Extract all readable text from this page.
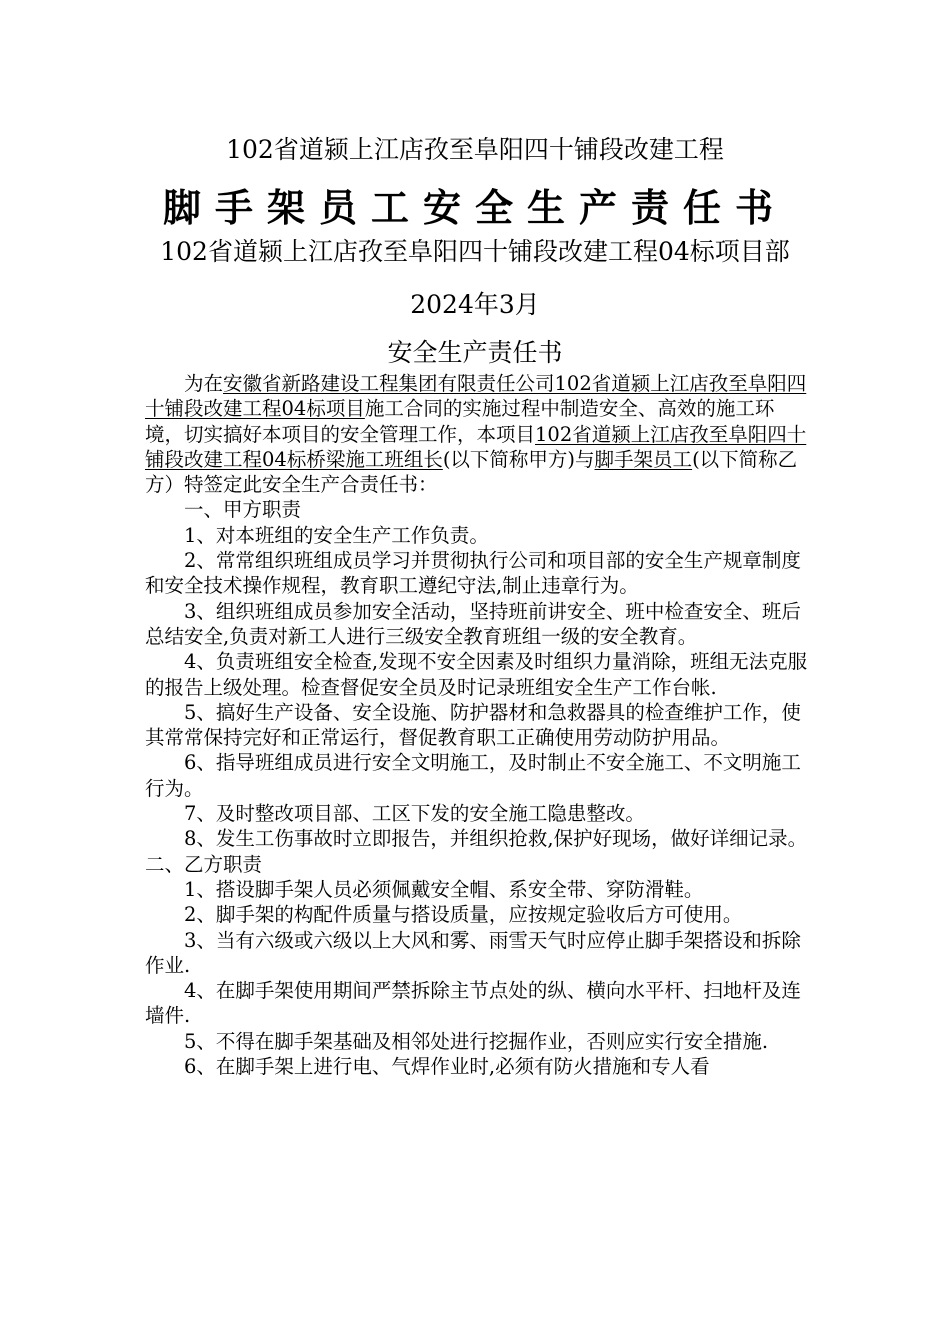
102省道颍上江店孜至阜阳四十铺段改建工程

脚手架员工安全生产责任书

102省道颍上江店孜至阜阳四十铺段改建工程04标项目部

2024年3月

安全生产责任书

为在安徽省新路建设工程集团有限责任公司102省道颍上江店孜至阜阳四十铺段改建工程04标项目施工合同的实施过程中制造安全、高效的施工环境，切实搞好本项目的安全管理工作，本项目102省道颍上江店孜至阜阳四十铺段改建工程04标桥梁施工班组长(以下简称甲方)与脚手架员工(以下简称乙方）特签定此安全生产合责任书：

一、甲方职责

1、对本班组的安全生产工作负责。

2、常常组织班组成员学习并贯彻执行公司和项目部的安全生产规章制度和安全技术操作规程，教育职工遵纪守法,制止违章行为。

3、组织班组成员参加安全活动，坚持班前讲安全、班中检查安全、班后总结安全,负责对新工人进行三级安全教育班组一级的安全教育。

4、负责班组安全检查,发现不安全因素及时组织力量消除，班组无法克服的报告上级处理。检查督促安全员及时记录班组安全生产工作台帐.

5、搞好生产设备、安全设施、防护器材和急救器具的检查维护工作，使其常常保持完好和正常运行，督促教育职工正确使用劳动防护用品。

6、指导班组成员进行安全文明施工，及时制止不安全施工、不文明施工行为。

7、及时整改项目部、工区下发的安全施工隐患整改。

8、发生工伤事故时立即报告，并组织抢救,保护好现场，做好详细记录。

二、乙方职责

1、搭设脚手架人员必须佩戴安全帽、系安全带、穿防滑鞋。

2、脚手架的构配件质量与搭设质量，应按规定验收后方可使用。

3、当有六级或六级以上大风和雾、雨雪天气时应停止脚手架搭设和拆除作业.

4、在脚手架使用期间严禁拆除主节点处的纵、横向水平杆、扫地杆及连墙件.

5、不得在脚手架基础及相邻处进行挖掘作业，否则应实行安全措施.

6、在脚手架上进行电、气焊作业时,必须有防火措施和专人看
